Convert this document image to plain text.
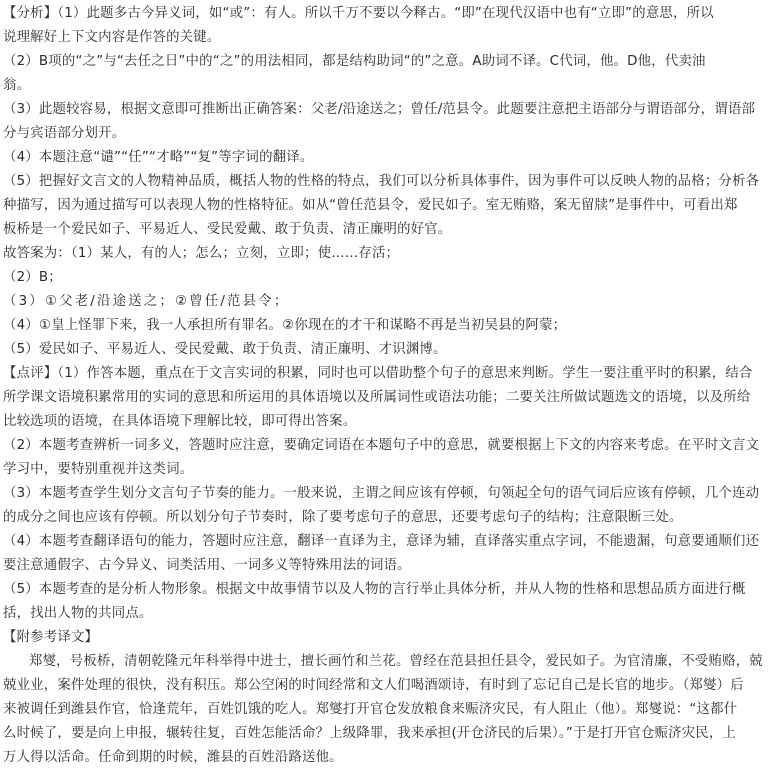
【分析】（1）此题多古今异义词，如“或”：有人。所以千万不要以今释古。“即”在现代汉语中也有“立即”的意思，所以
说理解好上下文内容是作答的关键。
（2）B项的“之”与“去任之日”中的“之”的用法相同，都是结构助词“的”之意。A助词不译。C代词，他。D他，代卖油
翁。
（3）此题较容易，根据文意即可推断出正确答案：父老/沿途送之；曾任/范县令。此题要注意把主语部分与谓语部分，谓语部
分与宾语部分划开。
（4）本题注意“谴”“任”“才略”“复”等字词的翻译。
（5）把握好文言文的人物精神品质，概括人物的性格的特点，我们可以分析具体事件，因为事件可以反映人物的品格；分析各
种描写，因为通过描写可以表现人物的性格特征。如从“曾任范县令，爱民如子。室无贿赂，案无留牍”是事件中，可看出郑
板桥是一个爱民如子、平易近人、受民爱戴、敢于负责、清正廉明的好官。
故答案为：（1）某人，有的人；怎么；立刻，立即；使……存活；
（2）B；
（3）①父老/沿途送之；②曾任/范县令；
（4）①皇上怪罪下来，我一人承担所有罪名。②你现在的才干和谋略不再是当初吴县的阿蒙；
（5）爱民如子、平易近人、受民爱戴、敢于负责、清正廉明、才识渊博。
【点评】（1）作答本题，重点在于文言实词的积累，同时也可以借助整个句子的意思来判断。学生一要注重平时的积累，结合
所学课文语境积累常用的实词的意思和所运用的具体语境以及所属词性或语法功能；二要关注所做试题选文的语境，以及所给
比较选项的语境，在具体语境下理解比较，即可得出答案。
（2）本题考查辨析一词多义，答题时应注意，要确定词语在本题句子中的意思，就要根据上下文的内容来考虑。在平时文言文
学习中，要特别重视并这类词。
（3）本题考查学生划分文言句子节奏的能力。一般来说，主谓之间应该有停顿，句领起全句的语气词后应该有停顿，几个连动
的成分之间也应该有停顿。所以划分句子节奏时，除了要考虑句子的意思，还要考虑句子的结构；注意限断三处。
（4）本题考查翻译语句的能力，答题时应注意，翻译一直译为主，意译为辅，直译落实重点字词，不能遗漏，句意要通顺们还
要注意通假字、古今异义、词类活用、一词多义等特殊用法的词语。
（5）本题考查的是分析人物形象。根据文中故事情节以及人物的言行举止具体分析，并从人物的性格和思想品质方面进行概
括，找出人物的共同点。
【附参考译文】
郑燮，号板桥，清朝乾隆元年科举得中进士，擅长画竹和兰花。曾经在范县担任县令，爱民如子。为官清廉，不受贿赂，兢
兢业业，案件处理的很快，没有积压。郑公空闲的时间经常和文人们喝酒颂诗，有时到了忘记自己是长官的地步。（郑燮）后
来被调任到潍县作官，恰逢荒年，百姓饥饿的吃人。郑燮打开官仓发放粮食来赈济灾民，有人阻止（他）。郑燮说：“这都什
么时候了，要是向上申报，辗转往复，百姓怎能活命？上级降罪，我来承担(开仓济民的后果）。”于是打开官仓赈济灾民，上
万人得以活命。任命到期的时候，潍县的百姓沿路送他。
